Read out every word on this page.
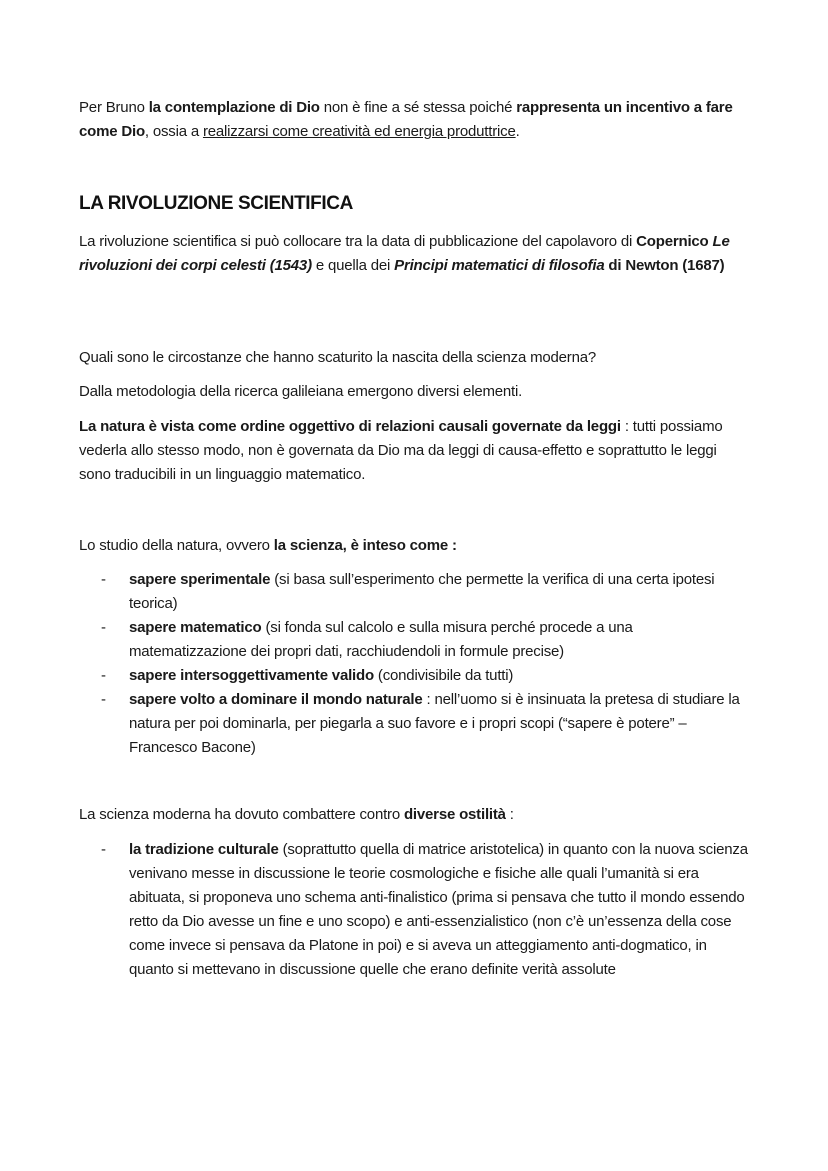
Per Bruno la contemplazione di Dio non è fine a sé stessa poiché rappresenta un incentivo a fare come Dio, ossia a realizzarsi come creatività ed energia produttrice.
LA RIVOLUZIONE SCIENTIFICA
La rivoluzione scientifica si può collocare tra la data di pubblicazione del capolavoro di Copernico Le rivoluzioni dei corpi celesti (1543) e quella dei Principi matematici di filosofia di Newton (1687)
Quali sono le circostanze che hanno scaturito la nascita della scienza moderna?
Dalla metodologia della ricerca galileiana emergono diversi elementi.
La natura è vista come ordine oggettivo di relazioni causali governate da leggi : tutti possiamo vederla allo stesso modo, non è governata da Dio ma da leggi di causa-effetto e soprattutto le leggi sono traducibili in un linguaggio matematico.
Lo studio della natura, ovvero la scienza, è inteso come :
- sapere sperimentale (si basa sull’esperimento che permette la verifica di una certa ipotesi teorica)
- sapere matematico (si fonda sul calcolo e sulla misura perché procede a una matematizzazione dei propri dati, racchiudendoli in formule precise)
- sapere intersoggettivamente valido (condivisibile da tutti)
- sapere volto a dominare il mondo naturale : nell’uomo si è insinuata la pretesa di studiare la natura per poi dominarla, per piegarla a suo favore e i propri scopi (“sapere è potere” – Francesco Bacone)
La scienza moderna ha dovuto combattere contro diverse ostilità :
- la tradizione culturale (soprattutto quella di matrice aristotelica) in quanto con la nuova scienza venivano messe in discussione le teorie cosmologiche e fisiche alle quali l’umanità si era abituata, si proponeva uno schema anti-finalistico (prima si pensava che tutto il mondo essendo retto da Dio avesse un fine e uno scopo) e anti-essenzialistico (non c’è un’essenza della cose come invece si pensava da Platone in poi) e si aveva un atteggiamento anti-dogmatico, in quanto si mettevano in discussione quelle che erano definite verità assolute
